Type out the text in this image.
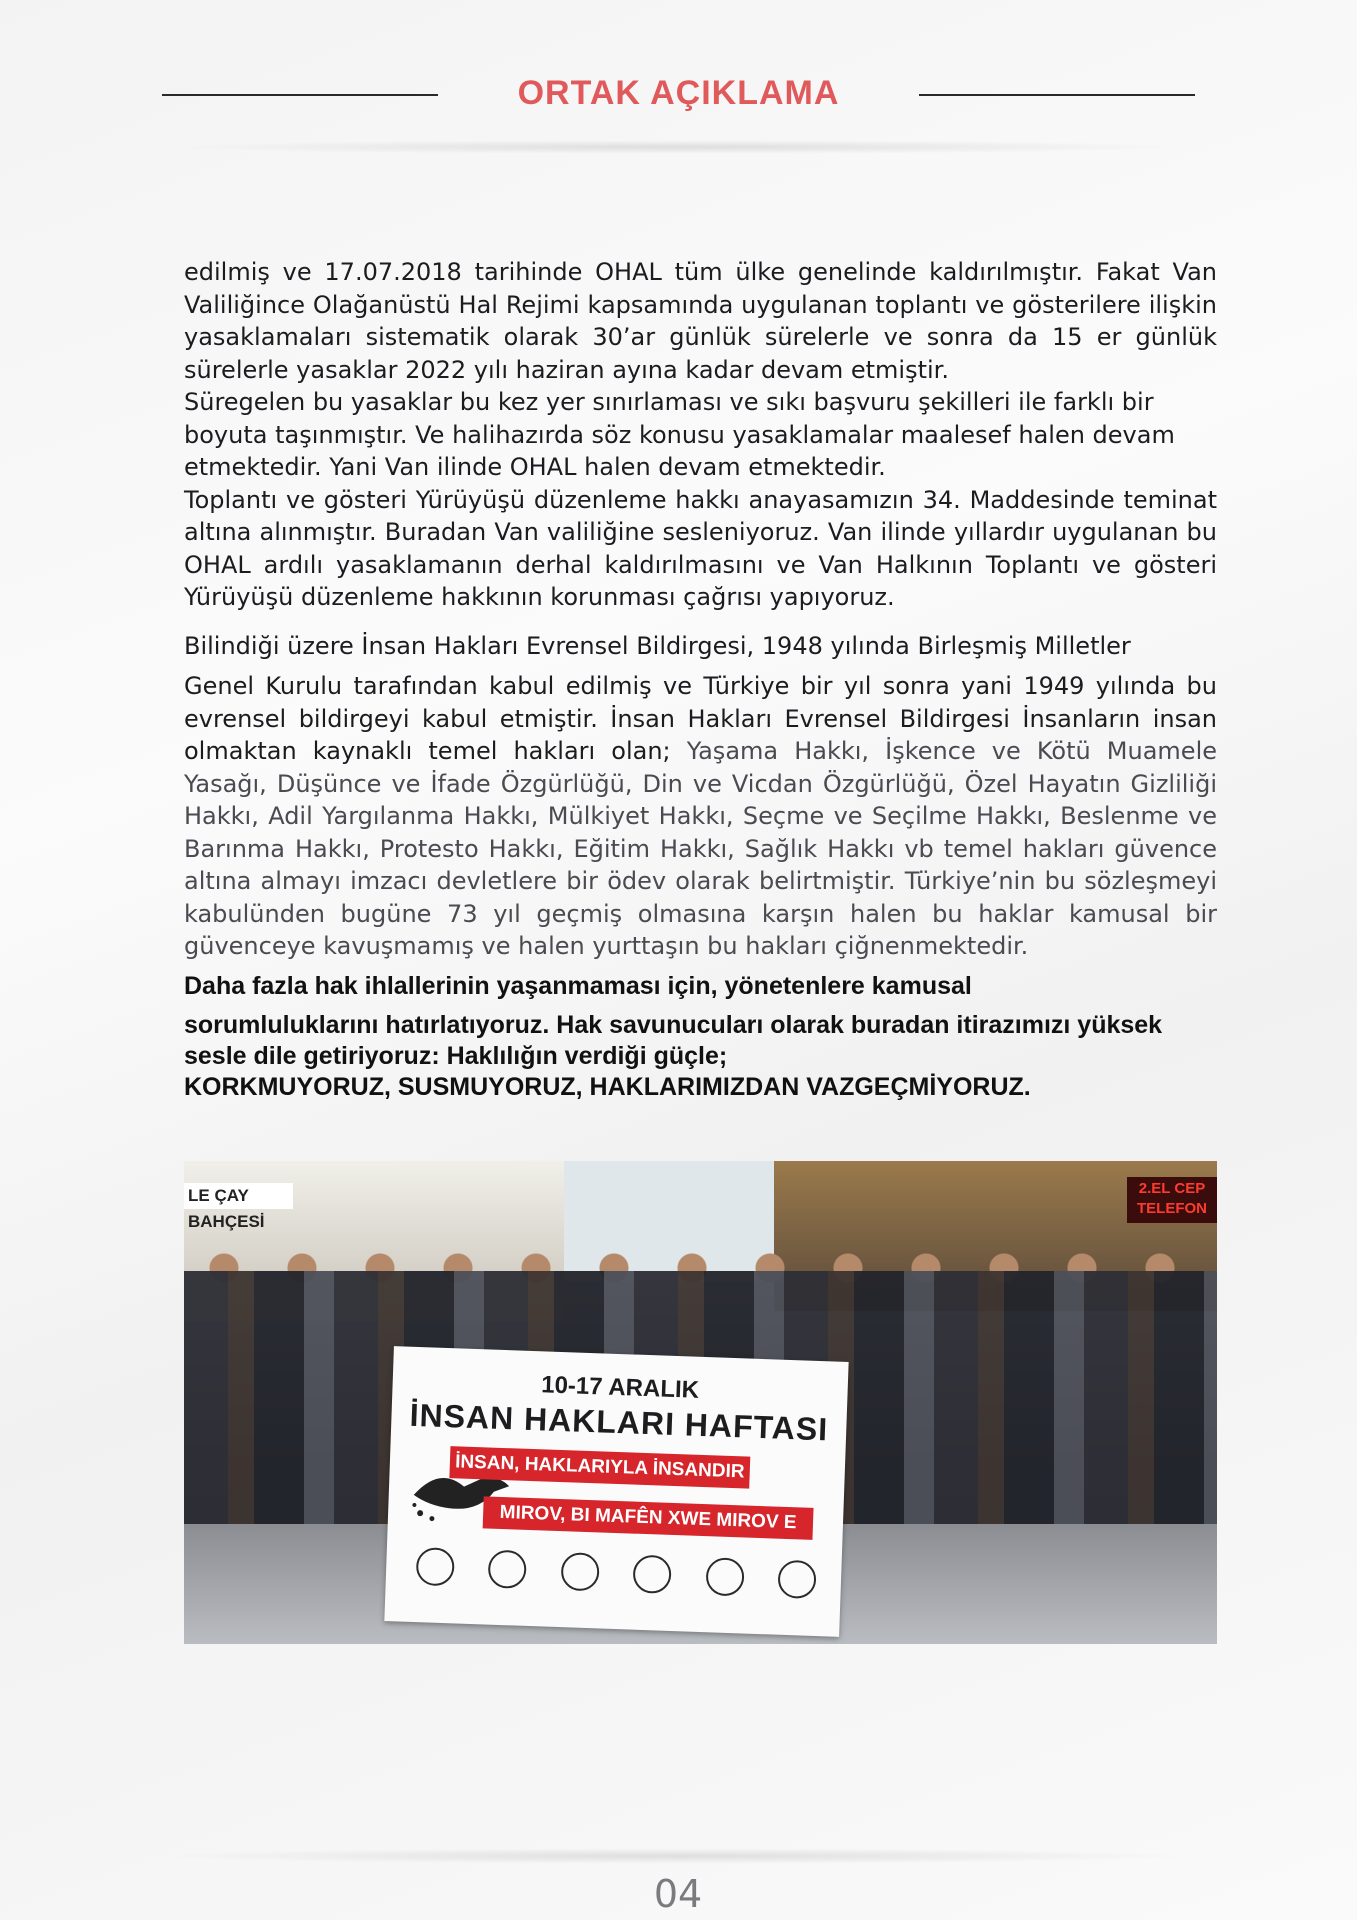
ORTAK AÇIKLAMA

edilmiş ve 17.07.2018 tarihinde OHAL tüm ülke genelinde kaldırılmıştır. Fakat Van Valiliğince Olağanüstü Hal Rejimi kapsamında uygulanan toplantı ve gösterilere ilişkin yasaklamaları sistematik olarak 30’ar günlük sürelerle ve sonra da 15 er günlük sürelerle yasaklar 2022 yılı haziran ayına kadar devam etmiştir.

Süregelen bu yasaklar bu kez yer sınırlaması ve sıkı başvuru şekilleri ile farklı bir boyuta taşınmıştır. Ve halihazırda söz konusu yasaklamalar maalesef halen devam etmektedir. Yani Van ilinde OHAL halen devam etmektedir.

Toplantı ve gösteri Yürüyüşü düzenleme hakkı anayasamızın 34. Maddesinde teminat altına alınmıştır. Buradan Van valiliğine sesleniyoruz. Van ilinde yıllardır uygulanan bu OHAL ardılı yasaklamanın derhal kaldırılmasını ve Van Halkının Toplantı ve gösteri Yürüyüşü düzenleme hakkının korunması çağrısı yapıyoruz.

Bilindiği üzere İnsan Hakları Evrensel Bildirgesi, 1948 yılında Birleşmiş Milletler

Genel Kurulu tarafından kabul edilmiş ve Türkiye bir yıl sonra yani 1949 yılında bu evrensel bildirgeyi kabul etmiştir. İnsan Hakları Evrensel Bildirgesi İnsanların insan olmaktan kaynaklı temel hakları olan; Yaşama Hakkı, İşkence ve Kötü Muamele Yasağı, Düşünce ve İfade Özgürlüğü, Din ve Vicdan Özgürlüğü, Özel Hayatın Gizliliği Hakkı, Adil Yargılanma Hakkı, Mülkiyet Hakkı, Seçme ve Seçilme Hakkı, Beslenme ve Barınma Hakkı, Protesto Hakkı, Eğitim Hakkı, Sağlık Hakkı vb temel hakları güvence altına almayı imzacı devletlere bir ödev olarak belirtmiştir. Türkiye’nin bu sözleşmeyi kabulünden bugüne 73 yıl geçmiş olmasına karşın halen bu haklar kamusal bir güvenceye kavuşmamış ve halen yurttaşın bu hakları çiğnenmektedir.

Daha fazla hak ihlallerinin yaşanmaması için, yönetenlere kamusal

sorumluluklarını hatırlatıyoruz. Hak savunucuları olarak buradan itirazımızı yüksek sesle dile getiriyoruz: Haklılığın verdiği güçle;

KORKMUYORUZ, SUSMUYORUZ, HAKLARIMIZDAN VAZGEÇMİYORUZ.

LE ÇAY BAHÇESİ
2.EL CEP TELEFON
10-17 ARALIK
İNSAN HAKLARI HAFTASI
İNSAN, HAKLARIYLA İNSANDIR
MIROV, BI MAFÊN XWE MIROV E
04
